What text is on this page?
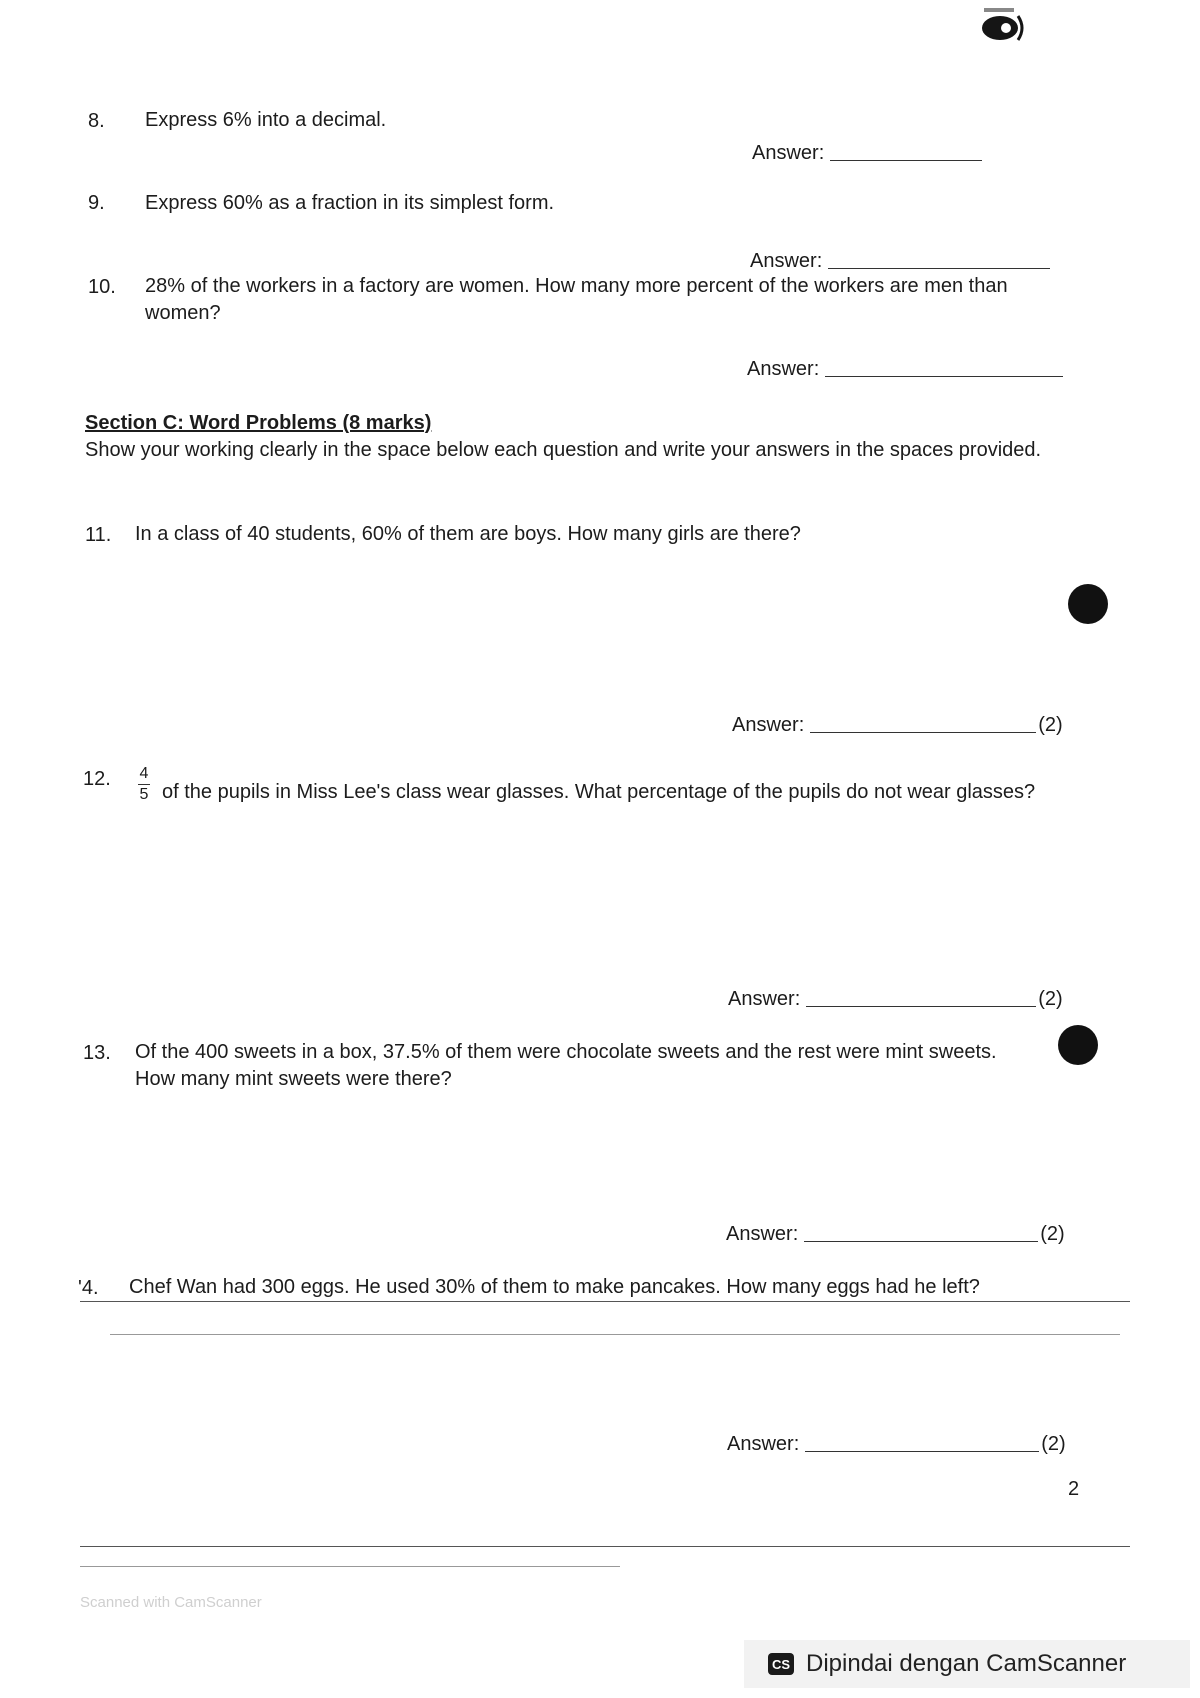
8. Express 6% into a decimal.
Answer:
9. Express 60% as a fraction in its simplest form.
Answer:
10. 28% of the workers in a factory are women. How many more percent of the workers are men than women?
Answer:
Section C: Word Problems (8 marks)
Show your working clearly in the space below each question and write your answers in the spaces provided.
11. In a class of 40 students, 60% of them are boys. How many girls are there?
Answer:	(2)
12. $\frac{4}{5}$ of the pupils in Miss Lee's class wear glasses. What percentage of the pupils do not wear glasses?
Answer:	(2)
13. Of the 400 sweets in a box, 37.5% of them were chocolate sweets and the rest were mint sweets. How many mint sweets were there?
Answer:	(2)
'4. Chef Wan had 300 eggs. He used 30% of them to make pancakes. How many eggs had he left?
Answer:	(2)
2
Scanned with CamScanner
CS Dipindai dengan CamScanner
